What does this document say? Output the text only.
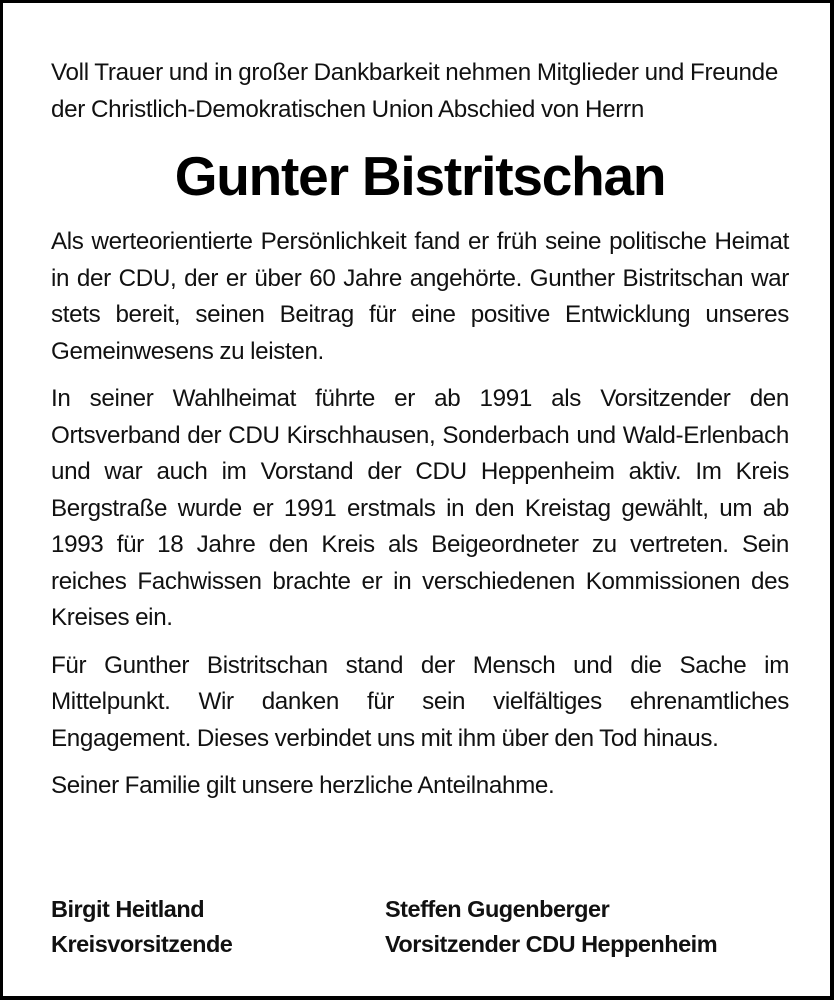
Voll Trauer und in großer Dankbarkeit nehmen Mitglieder und Freunde der Christlich-Demokratischen Union Abschied von Herrn

Gunter Bistritschan

Als werteorientierte Persönlichkeit fand er früh seine politische Heimat in der CDU, der er über 60 Jahre angehörte. Gunther Bistritschan war stets bereit, seinen Beitrag für eine positive Entwicklung unseres Gemeinwesens zu leisten.

In seiner Wahlheimat führte er ab 1991 als Vorsitzender den Ortsverband der CDU Kirschhausen, Sonderbach und Wald-Erlenbach und war auch im Vorstand der CDU Heppenheim aktiv. Im Kreis Bergstraße wurde er 1991 erstmals in den Kreistag gewählt, um ab 1993 für 18 Jahre den Kreis als Beigeordneter zu vertreten. Sein reiches Fachwissen brachte er in verschiedenen Kommissionen des Kreises ein.

Für Gunther Bistritschan stand der Mensch und die Sache im Mittelpunkt. Wir danken für sein vielfältiges ehrenamtliches Engagement. Dieses verbindet uns mit ihm über den Tod hinaus.

Seiner Familie gilt unsere herzliche Anteilnahme.

Birgit Heitland
Kreisvorsitzende
Steffen Gugenberger
Vorsitzender CDU Heppenheim
